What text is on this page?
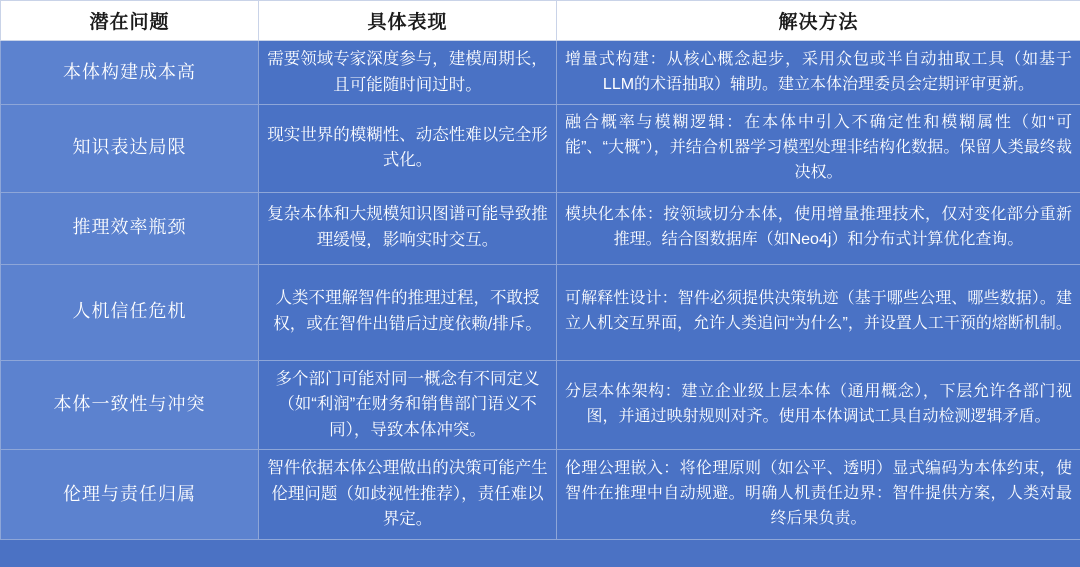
潜在问题	具体表现	解决方法
本体构建成本高	需要领域专家深度参与，建模周期长，且可能随时间过时。	增量式构建：从核心概念起步，采用众包或半自动抽取工具（如基于LLM的术语抽取）辅助。建立本体治理委员会定期评审更新。
知识表达局限	现实世界的模糊性、动态性难以完全形式化。	融合概率与模糊逻辑：在本体中引入不确定性和模糊属性（如“可能”、“大概”），并结合机器学习模型处理非结构化数据。保留人类最终裁决权。
推理效率瓶颈	复杂本体和大规模知识图谱可能导致推理缓慢，影响实时交互。	模块化本体：按领域切分本体，使用增量推理技术，仅对变化部分重新推理。结合图数据库（如Neo4j）和分布式计算优化查询。
人机信任危机	人类不理解智件的推理过程，不敢授权，或在智件出错后过度依赖/排斥。	可解释性设计：智件必须提供决策轨迹（基于哪些公理、哪些数据）。建立人机交互界面，允许人类追问“为什么”，并设置人工干预的熔断机制。
本体一致性与冲突	多个部门可能对同一概念有不同定义（如“利润”在财务和销售部门语义不同），导致本体冲突。	分层本体架构：建立企业级上层本体（通用概念），下层允许各部门视图，并通过映射规则对齐。使用本体调试工具自动检测逻辑矛盾。
伦理与责任归属	智件依据本体公理做出的决策可能产生伦理问题（如歧视性推荐），责任难以界定。	伦理公理嵌入：将伦理原则（如公平、透明）显式编码为本体约束，使智件在推理中自动规避。明确人机责任边界：智件提供方案，人类对最终后果负责。
